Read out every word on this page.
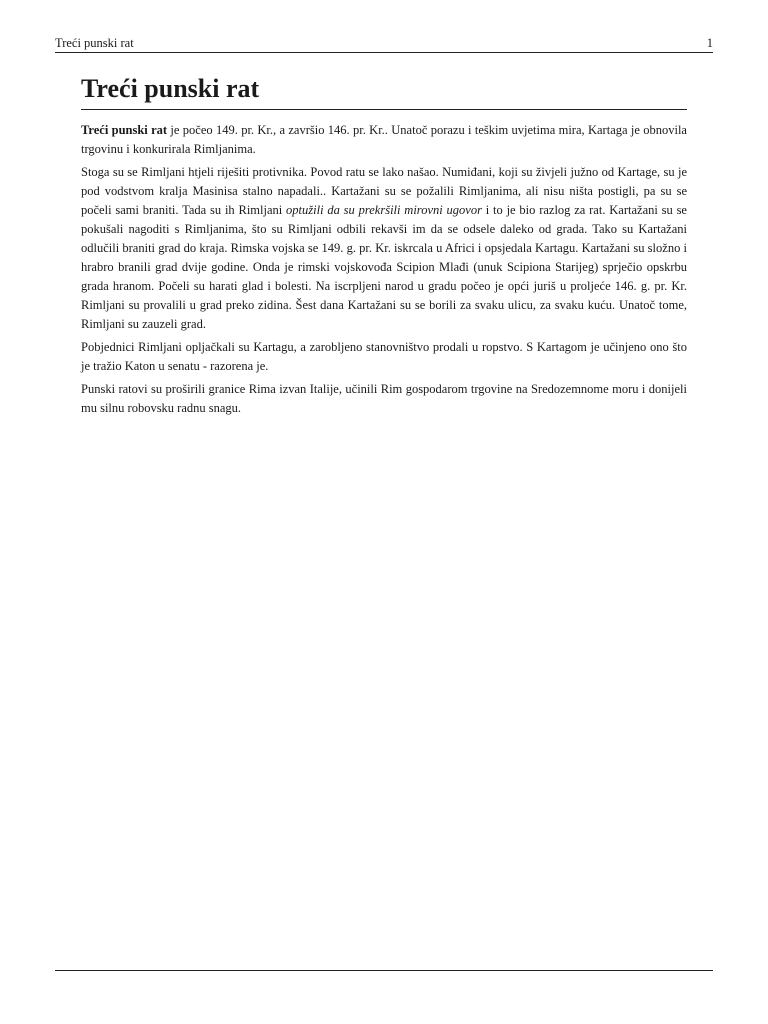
Treći punski rat	1
Treći punski rat

Treći punski rat je počeo 149. pr. Kr., a završio 146. pr. Kr.. Unatoč porazu i teškim uvjetima mira, Kartaga je obnovila trgovinu i konkurirala Rimljanima.

Stoga su se Rimljani htjeli riješiti protivnika. Povod ratu se lako našao. Numiđani, koji su živjeli južno od Kartage, su je pod vodstvom kralja Masinisa stalno napadali.. Kartažani su se požalili Rimljanima, ali nisu ništa postigli, pa su se počeli sami braniti. Tada su ih Rimljani optužili da su prekršili mirovni ugovor i to je bio razlog za rat. Kartažani su se pokušali nagoditi s Rimljanima, što su Rimljani odbili rekavši im da se odsele daleko od grada. Tako su Kartažani odlučili braniti grad do kraja. Rimska vojska se 149. g. pr. Kr. iskrcala u Africi i opsjedala Kartagu. Kartažani su složno i hrabro branili grad dvije godine. Onda je rimski vojskovođa Scipion Mlađi (unuk Scipiona Starijeg) sprječio opskrbu grada hranom. Počeli su harati glad i bolesti. Na iscrpljeni narod u gradu počeo je opći juriš u proljeće 146. g. pr. Kr. Rimljani su provalili u grad preko zidina. Šest dana Kartažani su se borili za svaku ulicu, za svaku kuću. Unatoč tome, Rimljani su zauzeli grad.

Pobjednici Rimljani opljačkali su Kartagu, a zarobljeno stanovništvo prodali u ropstvo. S Kartagom je učinjeno ono što je tražio Katon u senatu - razorena je.

Punski ratovi su proširili granice Rima izvan Italije, učinili Rim gospodarom trgovine na Sredozemnome moru i donijeli mu silnu robovsku radnu snagu.
